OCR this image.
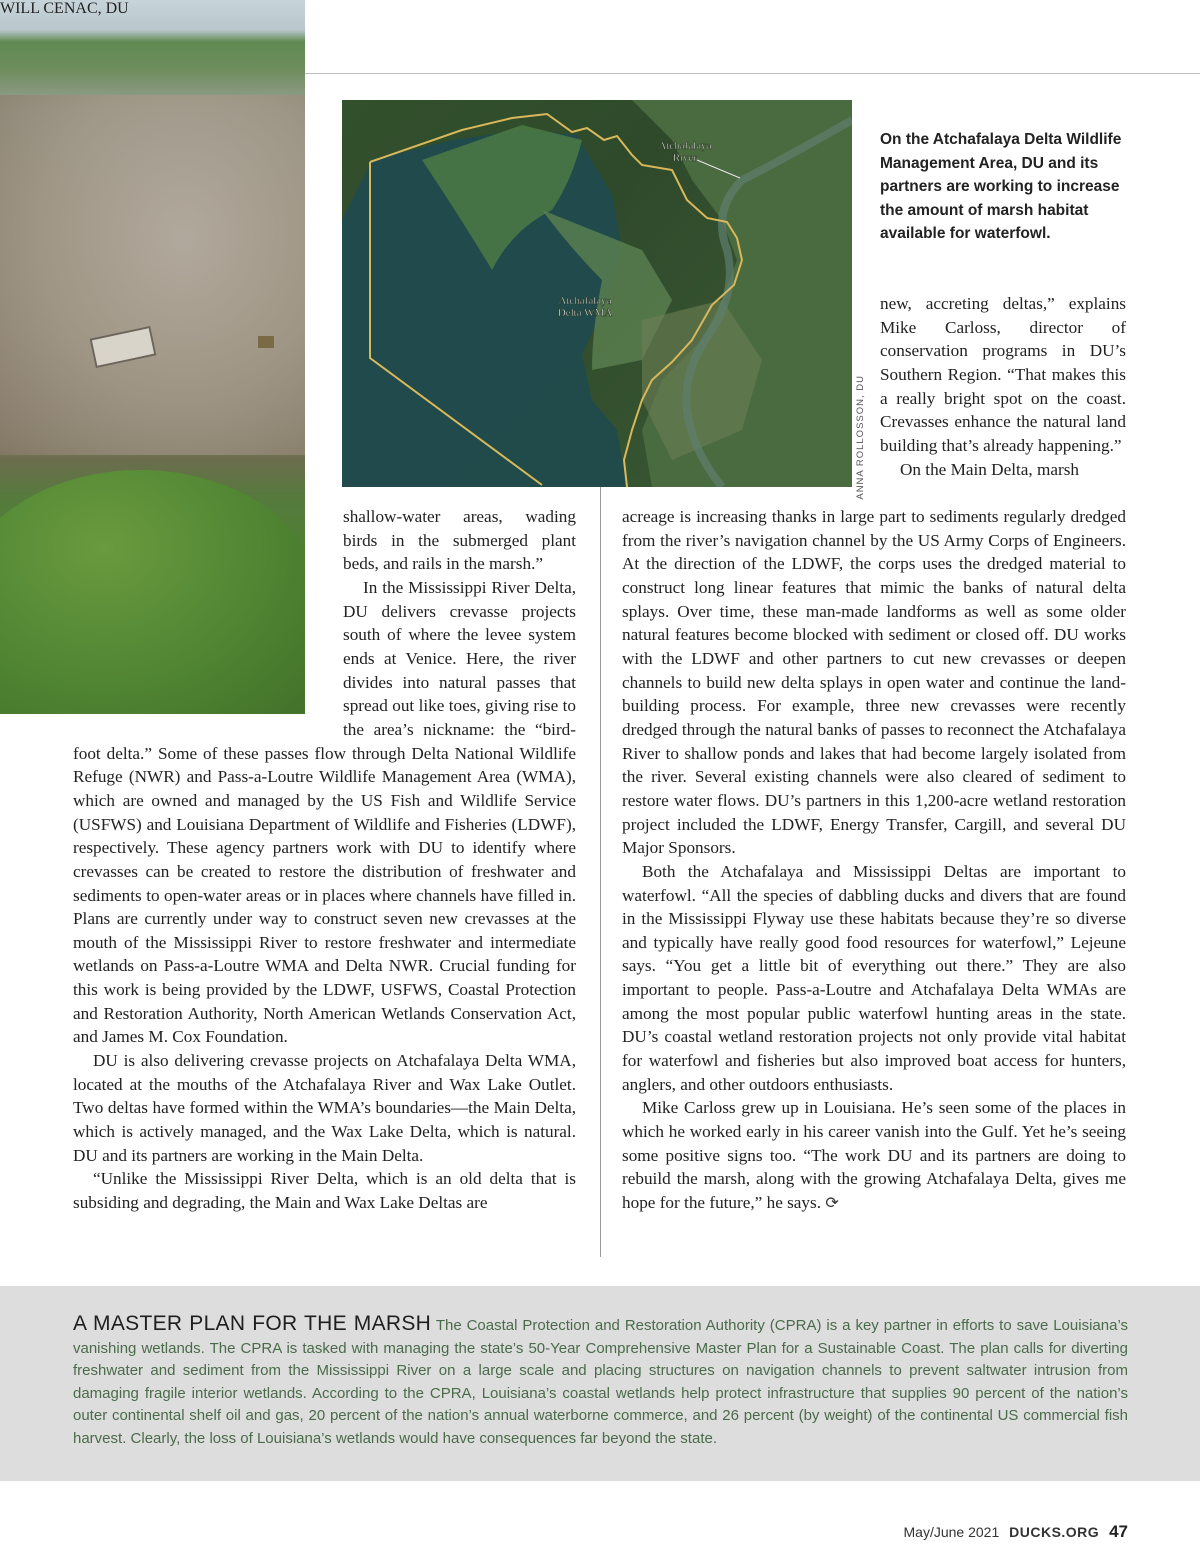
WILL CENAC, DU
Atchafalaya
River
Atchafalaya
Delta WMA
ANNA ROLLOSSON, DU
On the Atchafalaya Delta Wildlife Management Area, DU and its partners are working to increase the amount of marsh habitat available for waterfowl.

new, accreting deltas,” explains Mike Carloss, director of conservation programs in DU’s Southern Region. “That makes this a really bright spot on the coast. Crevasses enhance the natural land building that’s already happening.”

On the Main Delta, marsh

shallow-water areas, wading birds in the submerged plant beds, and rails in the marsh.”

In the Mississippi River Delta, DU delivers crevasse projects south of where the levee system ends at Venice. Here, the river divides into natural passes that spread out like toes, giving rise to the area’s nickname: the “bird-foot delta.” Some of these passes flow through Delta National Wildlife Refuge (NWR) and Pass-a-Loutre Wildlife Management Area (WMA), which are owned and managed by the US Fish and Wildlife Service (USFWS) and Louisiana Department of Wildlife and Fisheries (LDWF), respectively. These agency partners work with DU to identify where crevasses can be created to restore the distribution of freshwater and sediments to open-water areas or in places where channels have filled in. Plans are currently under way to construct seven new crevasses at the mouth of the Mississippi River to restore freshwater and intermediate wetlands on Pass-a-Loutre WMA and Delta NWR. Crucial funding for this work is being provided by the LDWF, USFWS, Coastal Protection and Restoration Authority, North American Wetlands Conservation Act, and James M. Cox Foundation.

DU is also delivering crevasse projects on Atchafalaya Delta WMA, located at the mouths of the Atchafalaya River and Wax Lake Outlet. Two deltas have formed within the WMA’s boundaries—the Main Delta, which is actively managed, and the Wax Lake Delta, which is natural. DU and its partners are working in the Main Delta.

“Unlike the Mississippi River Delta, which is an old delta that is subsiding and degrading, the Main and Wax Lake Deltas are

acreage is increasing thanks in large part to sediments regularly dredged from the river’s navigation channel by the US Army Corps of Engineers. At the direction of the LDWF, the corps uses the dredged material to construct long linear features that mimic the banks of natural delta splays. Over time, these man-made landforms as well as some older natural features become blocked with sediment or closed off. DU works with the LDWF and other partners to cut new crevasses or deepen channels to build new delta splays in open water and continue the land-building process. For example, three new crevasses were recently dredged through the natural banks of passes to reconnect the Atchafalaya River to shallow ponds and lakes that had become largely isolated from the river. Several existing channels were also cleared of sediment to restore water flows. DU’s partners in this 1,200-acre wetland restoration project included the LDWF, Energy Transfer, Cargill, and several DU Major Sponsors.

Both the Atchafalaya and Mississippi Deltas are important to waterfowl. “All the species of dabbling ducks and divers that are found in the Mississippi Flyway use these habitats because they’re so diverse and typically have really good food resources for waterfowl,” Lejeune says. “You get a little bit of everything out there.” They are also important to people. Pass-a-Loutre and Atchafalaya Delta WMAs are among the most popular public waterfowl hunting areas in the state. DU’s coastal wetland restoration projects not only provide vital habitat for waterfowl and fisheries but also improved boat access for hunters, anglers, and other outdoors enthusiasts.

Mike Carloss grew up in Louisiana. He’s seen some of the places in which he worked early in his career vanish into the Gulf. Yet he’s seeing some positive signs too. “The work DU and its partners are doing to rebuild the marsh, along with the growing Atchafalaya Delta, gives me hope for the future,” he says. ⟳

A MASTER PLAN FOR THE MARSH The Coastal Protection and Restoration Authority (CPRA) is a key partner in efforts to save Louisiana’s vanishing wetlands. The CPRA is tasked with managing the state’s 50-Year Comprehensive Master Plan for a Sustainable Coast. The plan calls for diverting freshwater and sediment from the Mississippi River on a large scale and placing structures on navigation channels to prevent saltwater intrusion from damaging fragile interior wetlands. According to the CPRA, Louisiana’s coastal wetlands help protect infrastructure that supplies 90 percent of the nation’s outer continental shelf oil and gas, 20 percent of the nation’s annual waterborne commerce, and 26 percent (by weight) of the continental US commercial fish harvest. Clearly, the loss of Louisiana’s wetlands would have consequences far beyond the state.
May/June 2021 DUCKS.ORG 47
